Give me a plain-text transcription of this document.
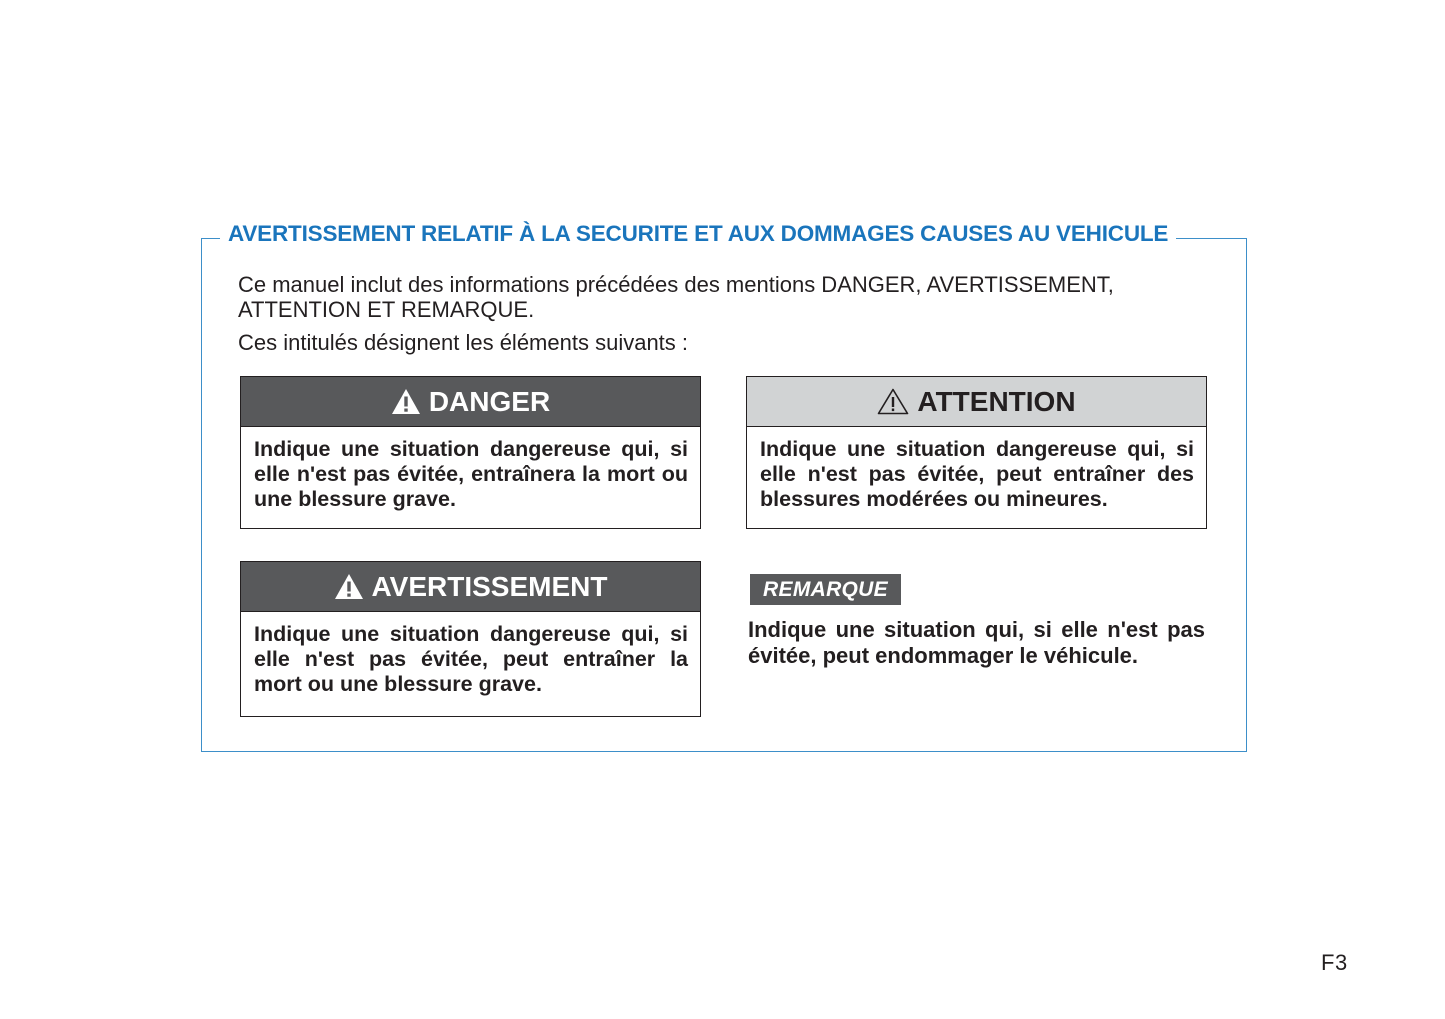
AVERTISSEMENT RELATIF À LA SECURITE ET AUX DOMMAGES CAUSES AU VEHICULE
Ce manuel inclut des informations précédées des mentions DANGER, AVERTISSEMENT, ATTENTION ET REMARQUE.
Ces intitulés désignent les éléments suivants :
DANGER
Indique une situation dangereuse qui, si elle n'est pas évitée, entraînera la mort ou une blessure grave.
ATTENTION
Indique une situation dangereuse qui, si elle n'est pas évitée, peut entraîner des blessures modérées ou mineures.
AVERTISSEMENT
Indique une situation dangereuse qui, si elle n'est pas évitée, peut entraîner la mort ou une blessure grave.
REMARQUE
Indique une situation qui, si elle n'est pas évitée, peut endommager le véhicule.
F3
